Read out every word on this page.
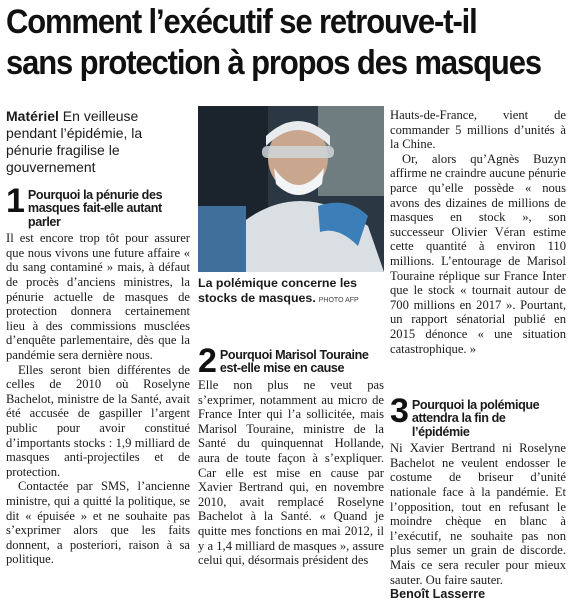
Comment l’exécutif se retrouve-t-il
sans protection à propos des masques

Matériel En veilleuse pendant l’épidémie, la pénurie fragilise le gouvernement

1 Pourquoi la pénurie des masques fait-elle autant parler

Il est encore trop tôt pour assurer que nous vivons une future affaire « du sang contaminé » mais, à défaut de procès d’anciens ministres, la pénurie actuelle de masques de protection donnera certainement lieu à des commissions musclées d’enquête parlementaire, dès que la pandémie sera dernière nous.

Elles seront bien différentes de celles de 2010 où Roselyne Bachelot, ministre de la Santé, avait été accusée de gaspiller l’argent public pour avoir constitué d’importants stocks : 1,9 milliard de masques anti-projectiles et de protection.

Contactée par SMS, l’ancienne ministre, qui a quitté la politique, se dit « épuisée » et ne souhaite pas s’exprimer alors que les faits donnent, a posteriori, raison à sa politique.

La polémique concerne les stocks de masques. PHOTO AFP
2 Pourquoi Marisol Touraine est-elle mise en cause

Elle non plus ne veut pas s’exprimer, notamment au micro de France Inter qui l’a sollicitée, mais Marisol Touraine, ministre de la Santé du quinquennat Hollande, aura de toute façon à s’expliquer. Car elle est mise en cause par Xavier Bertrand qui, en novembre 2010, avait remplacé Roselyne Bachelot à la Santé. « Quand je quitte mes fonctions en mai 2012, il y a 1,4 milliard de masques », assure celui qui, désormais président des

Hauts-de-France, vient de commander 5 millions d’unités à la Chine.

Or, alors qu’Agnès Buzyn affirme ne craindre aucune pénurie parce qu’elle possède « nous avons des dizaines de millions de masques en stock », son successeur Olivier Véran estime cette quantité à environ 110 millions. L’entourage de Marisol Touraine réplique sur France Inter que le stock « tournait autour de 700 millions en 2017 ». Pourtant, un rapport sénatorial publié en 2015 dénonce « une situation catastrophique. »

3 Pourquoi la polémique attendra la fin de l’épidémie

Ni Xavier Bertrand ni Roselyne Bachelot ne veulent endosser le costume de briseur d’unité nationale face à la pandémie. Et l’opposition, tout en refusant le moindre chèque en blanc à l’exécutif, ne souhaite pas non plus semer un grain de discorde. Mais ce sera reculer pour mieux sauter. Ou faire sauter.

Benoît Lasserre
